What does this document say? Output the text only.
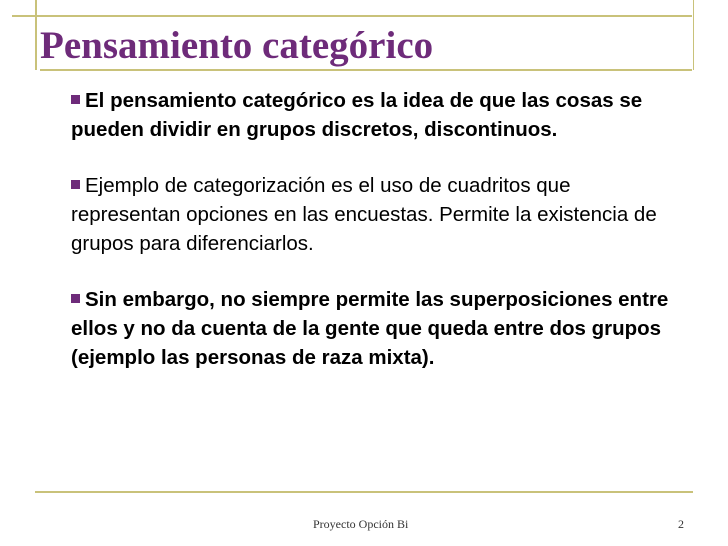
Pensamiento categórico
El pensamiento categórico es la idea de que las cosas se pueden dividir en grupos discretos, discontinuos.
Ejemplo de categorización es el uso de cuadritos que representan opciones en las encuestas. Permite la existencia de grupos para diferenciarlos.
Sin embargo, no siempre permite las superposiciones entre ellos y no da cuenta de la gente que queda entre dos grupos (ejemplo las personas de raza mixta).
Proyecto Opción Bi	2
